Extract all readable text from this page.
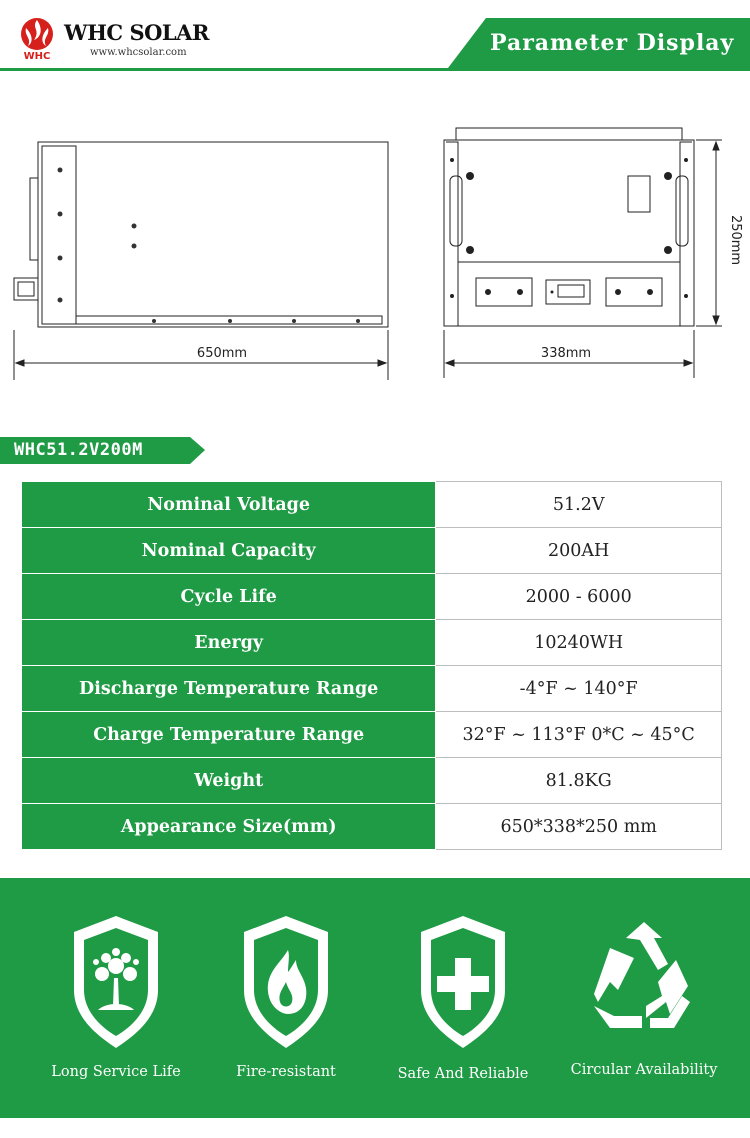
WHC
WHC SOLAR
www.whcsolar.com	Parameter Display
650mm	338mm
250mm
WHC51.2V200M
Nominal Voltage	51.2V
Nominal Capacity	200AH
Cycle Life	2000 - 6000
Energy	10240WH
Discharge Temperature Range	-4°F ~ 140°F
Charge Temperature Range	32°F ~ 113°F 0*C ~ 45°C
Weight	81.8KG
Appearance Size(mm)	650*338*250 mm
Long Service Life	Fire-resistant	Safe And Reliable	Circular Availability
